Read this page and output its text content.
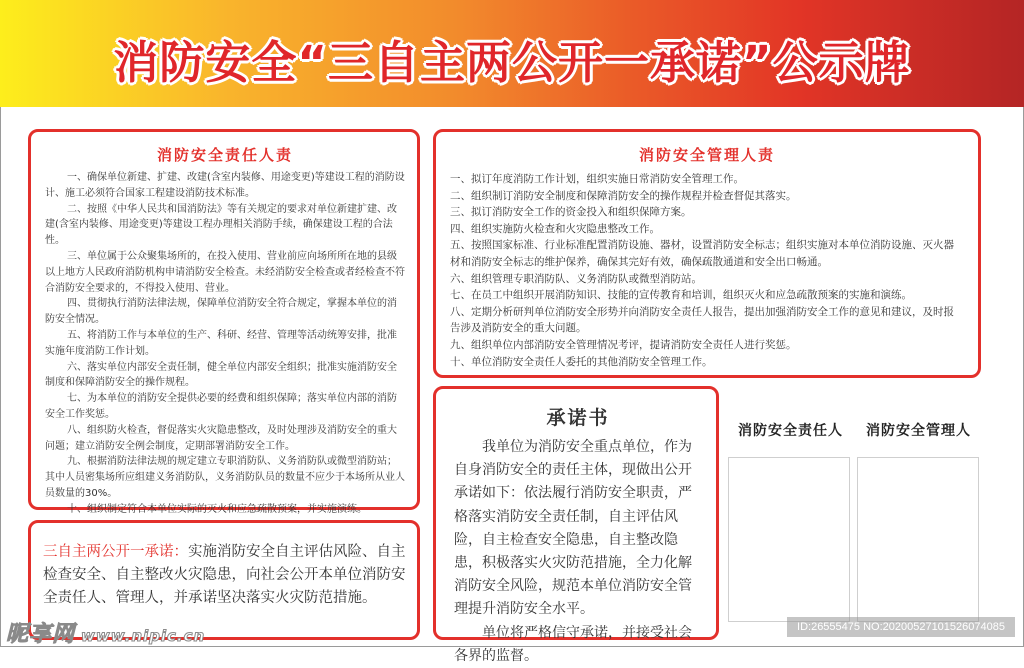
消防安全“三自主两公开一承诺”公示牌
消防安全责任人责

一、确保单位新建、扩建、改建(含室内装修、用途变更)等建设工程的消防设计、施工必须符合国家工程建设消防技术标准。

二、按照《中华人民共和国消防法》等有关规定的要求对单位新建扩建、改建(含室内装修、用途变更)等建设工程办理相关消防手续，确保建设工程的合法性。

三、单位属于公众聚集场所的，在投入使用、营业前应向场所所在地的县级以上地方人民政府消防机构申请消防安全检查。未经消防安全检查或者经检查不符合消防安全要求的，不得投入使用、营业。

四、贯彻执行消防法律法规，保障单位消防安全符合规定，掌握本单位的消防安全情况。

五、将消防工作与本单位的生产、科研、经营、管理等活动统筹安排，批准实施年度消防工作计划。

六、落实单位内部安全责任制，健全单位内部安全组织；批准实施消防安全制度和保障消防安全的操作规程。

七、为本单位的消防安全提供必要的经费和组织保障；落实单位内部的消防安全工作奖惩。

八、组织防火检查，督促落实火灾隐患整改，及时处理涉及消防安全的重大问题；建立消防安全例会制度，定期部署消防安全工作。

九、根据消防法律法规的规定建立专职消防队、义务消防队或微型消防站；其中人员密集场所应组建义务消防队，义务消防队员的数量不应少于本场所从业人员数量的30%。

十、组织制定符合本单位实际的灭火和应急疏散预案，并实施演练。

消防安全管理人责

一、拟订年度消防工作计划，组织实施日常消防安全管理工作。

二、组织制订消防安全制度和保障消防安全的操作规程并检查督促其落实。

三、拟订消防安全工作的资金投入和组织保障方案。

四、组织实施防火检查和火灾隐患整改工作。

五、按照国家标准、行业标准配置消防设施、器材，设置消防安全标志；组织实施对本单位消防设施、灭火器材和消防安全标志的维护保养，确保其完好有效，确保疏散通道和安全出口畅通。

六、组织管理专职消防队、义务消防队或微型消防站。

七、在员工中组织开展消防知识、技能的宣传教育和培训，组织灭火和应急疏散预案的实施和演练。

八、定期分析研判单位消防安全形势并向消防安全责任人报告，提出加强消防安全工作的意见和建议，及时报告涉及消防安全的重大问题。

九、组织单位内部消防安全管理情况考评，提请消防安全责任人进行奖惩。

十、单位消防安全责任人委托的其他消防安全管理工作。

承诺书

我单位为消防安全重点单位，作为自身消防安全的责任主体，现做出公开承诺如下：依法履行消防安全职责，严格落实消防安全责任制，自主评估风险，自主检查安全隐患，自主整改隐患，积极落实火灾防范措施，全力化解消防安全风险，规范本单位消防安全管理提升消防安全水平。

单位将严格信守承诺，并接受社会各界的监督。

三自主两公开一承诺：实施消防安全自主评估风险、自主检查安全、自主整改火灾隐患，向社会公开本单位消防安全责任人、管理人，并承诺坚决落实火灾防范措施。

消防安全责任人 消防安全管理人
昵享网 www.nipic.cn	ID:26555475 NO:20200527101526074085
